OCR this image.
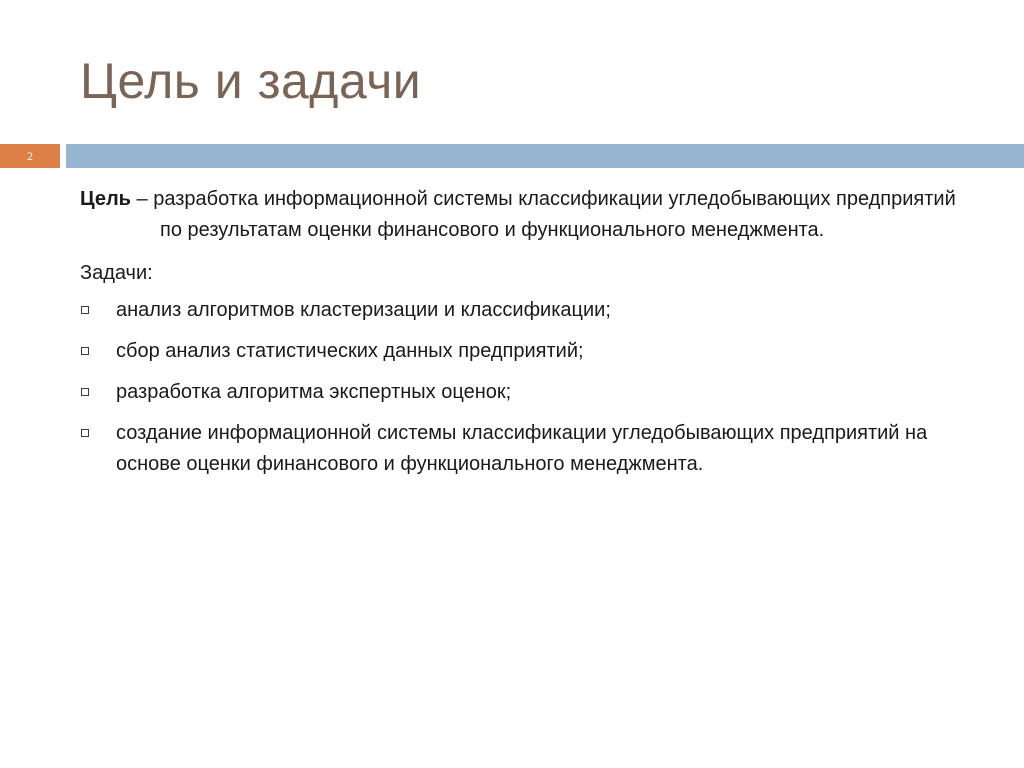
Цель и задачи
2

Цель – разработка информационной системы классификации угледобывающих предприятий по результатам оценки финансового и функционального менеджмента.

Задачи:

анализ алгоритмов кластеризации и классификации;
сбор анализ статистических данных предприятий;
разработка алгоритма экспертных оценок;
создание информационной системы классификации угледобывающих предприятий на основе оценки финансового и функционального менеджмента.
